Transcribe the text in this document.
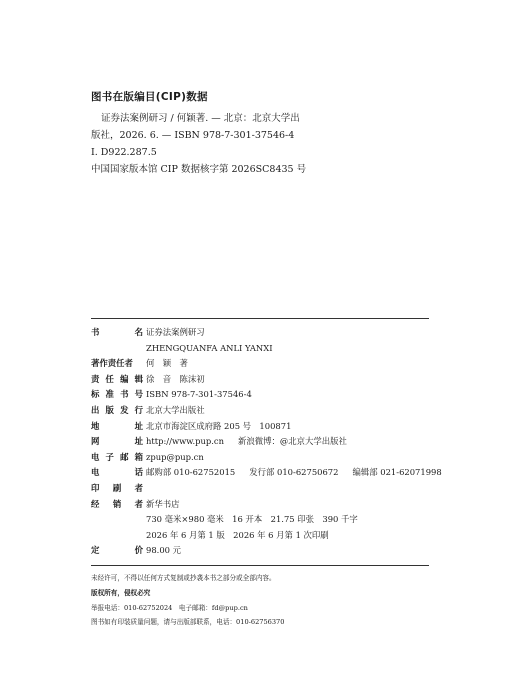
图书在版编目(CIP)数据
证券法案例研习 / 何颖著. — 北京：北京大学出
版社，2026. 6. — ISBN 978-7-301-37546-4
Ⅰ. D922.287.5
中国国家版本馆 CIP 数据核字第 2026SC8435 号
书	名 证券法案例研习
ZHENGQUANFA ANLI YANXI
著作责任者	何　颖　著
责 任 编 辑 徐　音　陈沫初
标 准 书 号 ISBN 978-7-301-37546-4
出 版 发 行 北京大学出版社
地	址 北京市海淀区成府路 205 号　100871
网	址 http://www.pup.cn 新浪微博：@北京大学出版社
电 子 邮 箱 zpup@pup.cn
电	话 邮购部 010-62752015 发行部 010-62750672 编辑部 021-62071998
印 刷 者
经 销 者 新华书店
730 毫米×980 毫米　16 开本　21.75 印张　390 千字
2026 年 6 月第 1 版　2026 年 6 月第 1 次印刷
定	价 98.00 元
未经许可，不得以任何方式复制或抄袭本书之部分或全部内容。
版权所有，侵权必究
举报电话：010-62752024　电子邮箱：fd@pup.cn
图书如有印装质量问题，请与出版部联系，电话：010-62756370
